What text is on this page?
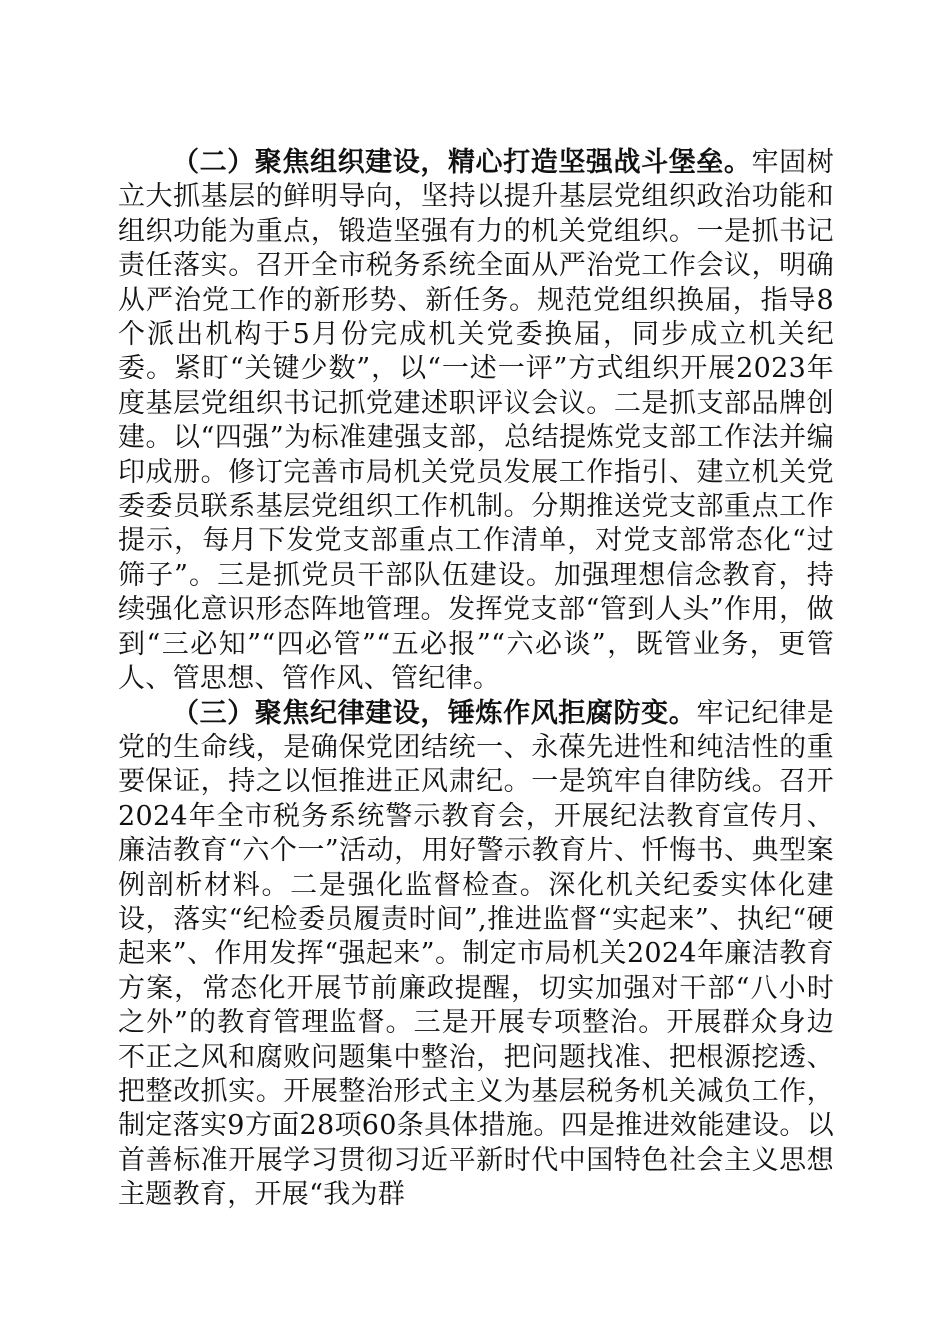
（二）聚焦组织建设，精心打造坚强战斗堡垒。牢固树立大抓基层的鲜明导向，坚持以提升基层党组织政治功能和组织功能为重点，锻造坚强有力的机关党组织。一是抓书记责任落实。召开全市税务系统全面从严治党工作会议，明确从严治党工作的新形势、新任务。规范党组织换届，指导8个派出机构于5月份完成机关党委换届，同步成立机关纪委。紧盯“关键少数”，以“一述一评”方式组织开展2023年度基层党组织书记抓党建述职评议会议。二是抓支部品牌创建。以“四强”为标准建强支部，总结提炼党支部工作法并编印成册。修订完善市局机关党员发展工作指引、建立机关党委委员联系基层党组织工作机制。分期推送党支部重点工作提示，每月下发党支部重点工作清单，对党支部常态化“过筛子”。三是抓党员干部队伍建设。加强理想信念教育，持续强化意识形态阵地管理。发挥党支部“管到人头”作用，做到“三必知”“四必管”“五必报”“六必谈”，既管业务，更管人、管思想、管作风、管纪律。

（三）聚焦纪律建设，锤炼作风拒腐防变。牢记纪律是党的生命线，是确保党团结统一、永葆先进性和纯洁性的重要保证，持之以恒推进正风肃纪。一是筑牢自律防线。召开2024年全市税务系统警示教育会，开展纪法教育宣传月、廉洁教育“六个一”活动，用好警示教育片、忏悔书、典型案例剖析材料。二是强化监督检查。深化机关纪委实体化建设，落实“纪检委员履责时间”,推进监督“实起来”、执纪“硬起来”、作用发挥“强起来”。制定市局机关2024年廉洁教育方案，常态化开展节前廉政提醒，切实加强对干部“八小时之外”的教育管理监督。三是开展专项整治。开展群众身边不正之风和腐败问题集中整治，把问题找准、把根源挖透、把整改抓实。开展整治形式主义为基层税务机关减负工作，制定落实9方面28项60条具体措施。四是推进效能建设。以首善标准开展学习贯彻习近平新时代中国特色社会主义思想主题教育，开展“我为群
